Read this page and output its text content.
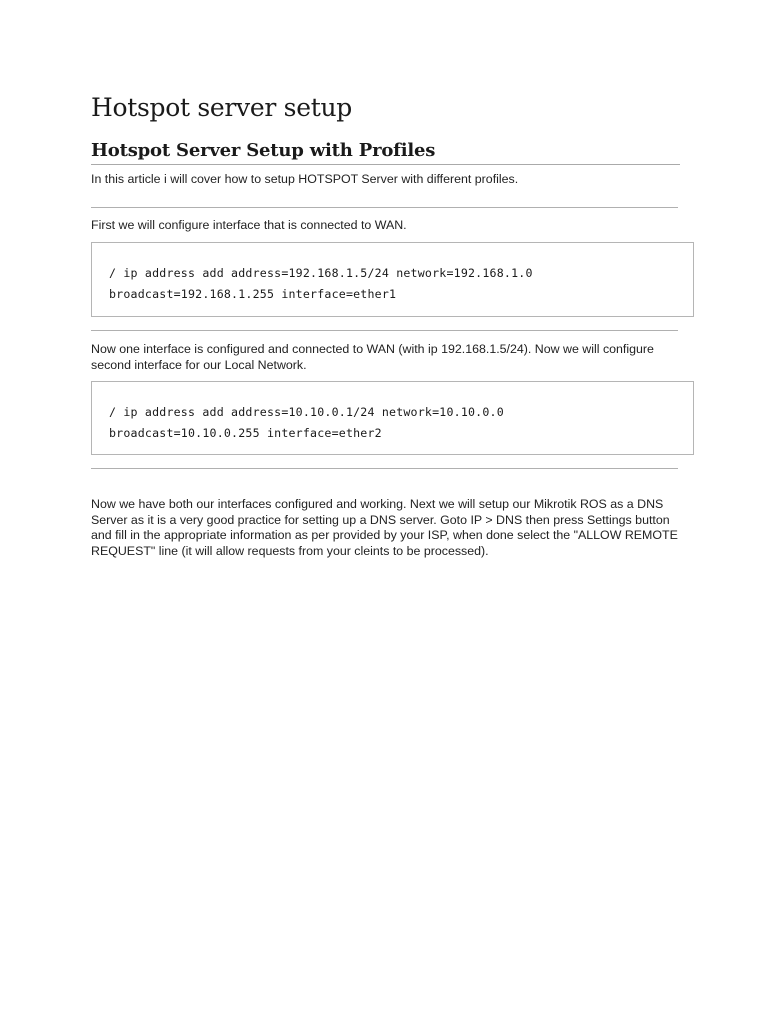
Hotspot server setup
Hotspot Server Setup with Profiles

In this article i will cover how to setup HOTSPOT Server with different profiles.

First we will configure interface that is connected to WAN.

/ ip address add address=192.168.1.5/24 network=192.168.1.0
broadcast=192.168.1.255 interface=ether1

Now one interface is configured and connected to WAN (with ip 192.168.1.5/24). Now we will configure second interface for our Local Network.

/ ip address add address=10.10.0.1/24 network=10.10.0.0
broadcast=10.10.0.255 interface=ether2

Now we have both our interfaces configured and working. Next we will setup our Mikrotik ROS as a DNS Server as it is a very good practice for setting up a DNS server. Goto IP > DNS then press Settings button and fill in the appropriate information as per provided by your ISP, when done select the "ALLOW REMOTE REQUEST" line (it will allow requests from your cleints to be processed).
